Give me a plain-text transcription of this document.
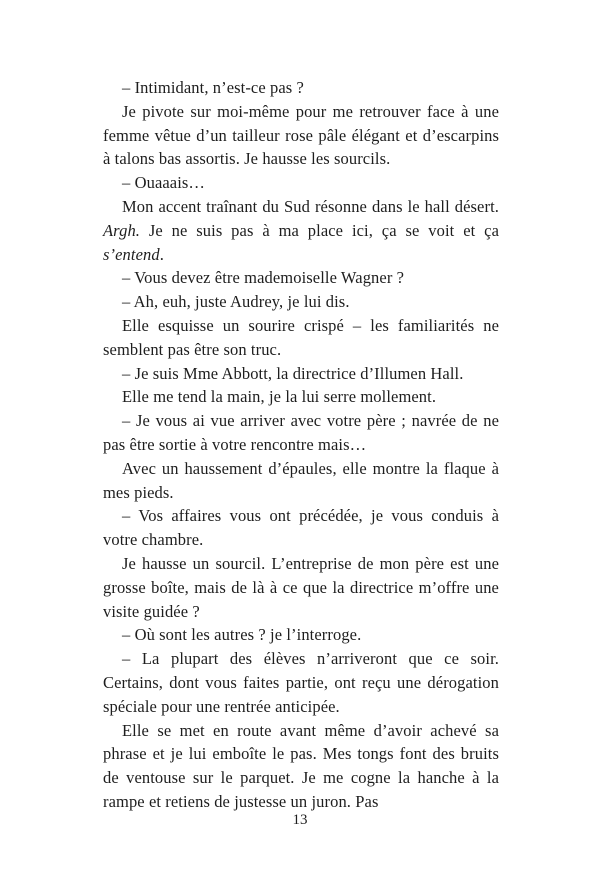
– Intimidant, n’est-ce pas ?

Je pivote sur moi-même pour me retrouver face à une femme vêtue d’un tailleur rose pâle élégant et d’escarpins à talons bas assortis. Je hausse les sourcils.

– Ouaaais…

Mon accent traînant du Sud résonne dans le hall désert. Argh. Je ne suis pas à ma place ici, ça se voit et ça s’entend.

– Vous devez être mademoiselle Wagner ?

– Ah, euh, juste Audrey, je lui dis.

Elle esquisse un sourire crispé – les familiarités ne semblent pas être son truc.

– Je suis Mme Abbott, la directrice d’Illumen Hall.

Elle me tend la main, je la lui serre mollement.

– Je vous ai vue arriver avec votre père ; navrée de ne pas être sortie à votre rencontre mais…

Avec un haussement d’épaules, elle montre la flaque à mes pieds.

– Vos affaires vous ont précédée, je vous conduis à votre chambre.

Je hausse un sourcil. L’entreprise de mon père est une grosse boîte, mais de là à ce que la directrice m’offre une visite guidée ?

– Où sont les autres ? je l’interroge.

– La plupart des élèves n’arriveront que ce soir. Certains, dont vous faites partie, ont reçu une dérogation spéciale pour une rentrée anticipée.

Elle se met en route avant même d’avoir achevé sa phrase et je lui emboîte le pas. Mes tongs font des bruits de ventouse sur le parquet. Je me cogne la hanche à la rampe et retiens de justesse un juron. Pas

13
